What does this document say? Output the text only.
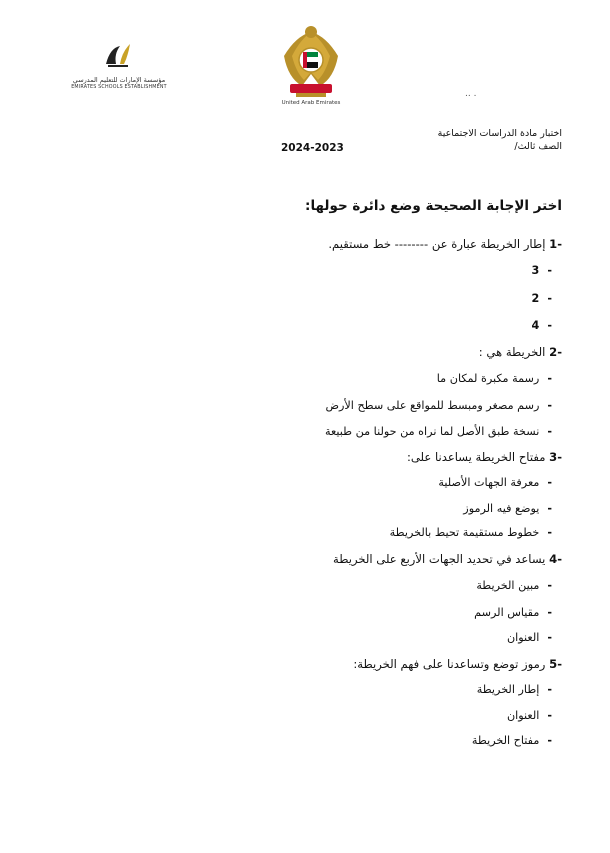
مؤسسة الإمارات للتعليم المدرسي
EMIRATES SCHOOLS ESTABLISHMENT
United Arab Emirates
.. .
اختبار مادة الدراسات الاجتماعية
الصف ثالث/
2024-2023
اختر الإجابة الصحيحة وضع دائرة حولها:
-1 إطار الخريطة عبارة عن -------- خط مستقيم.
-
3
-
2
-
4
-2 الخريطة هي :
-
رسمة مكبرة لمكان ما
-
رسم مصغر ومبسط للمواقع على سطح الأرض
-
نسخة طبق الأصل لما نراه من حولنا من طبيعة
-3 مفتاح الخريطة يساعدنا على:
-
معرفة الجهات الأصلية
-
يوضع فيه الرموز
-
خطوط مستقيمة تحيط بالخريطة
-4 يساعد في تحديد الجهات الأربع على الخريطة
-
مبين الخريطة
-
مقياس الرسم
-
العنوان
-5 رموز توضع وتساعدنا على فهم الخريطة:
-
إطار الخريطة
-
العنوان
-
مفتاح الخريطة
